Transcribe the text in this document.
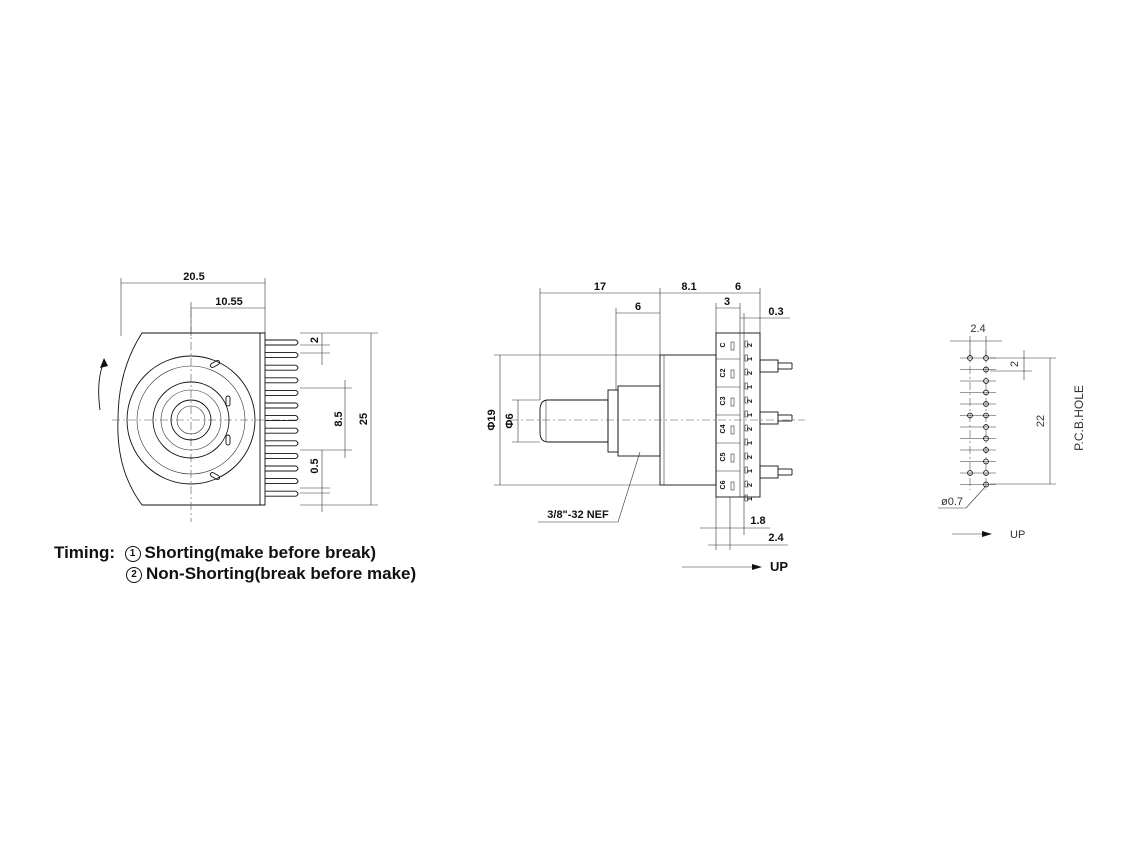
20.5
10.55
25
2
8.5
0.5
17	8.1	6
6	3
0.3
C	2
1
C2	2
1
C3	2
1
C4	2
1
C5	2
1
C6	2
1
Φ19 Φ6
3/8"-32 NEF	1.8
2.4
UP
2.4
22
2
P.C.B.HOLE
ø0.7
UP
Timing: 1 Shorting(make before break)
2 Non-Shorting(break before make)
